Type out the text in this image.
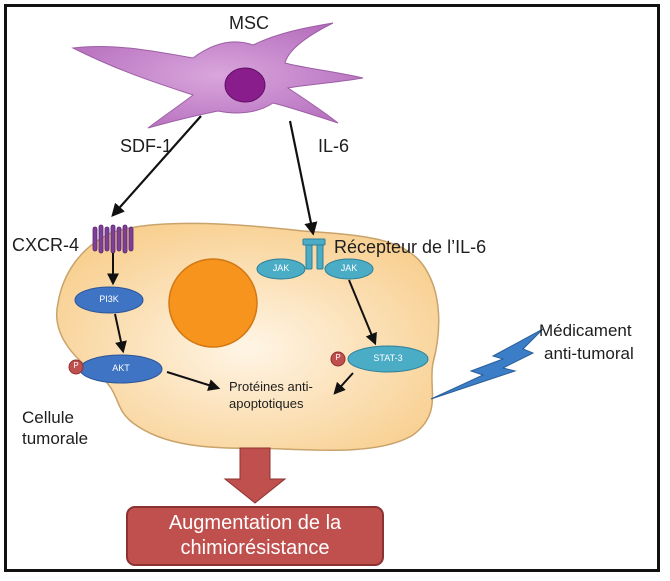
MSC
SDF-1	IL-6
CXCR-4	Récepteur de l’IL-6
PI3K
AKT
JAK	JAK
STAT-3
P
P
Protéines anti-
apoptotiques
Cellule
tumorale
Médicament
anti-tumoral
Augmentation de la
chimiorésistance
